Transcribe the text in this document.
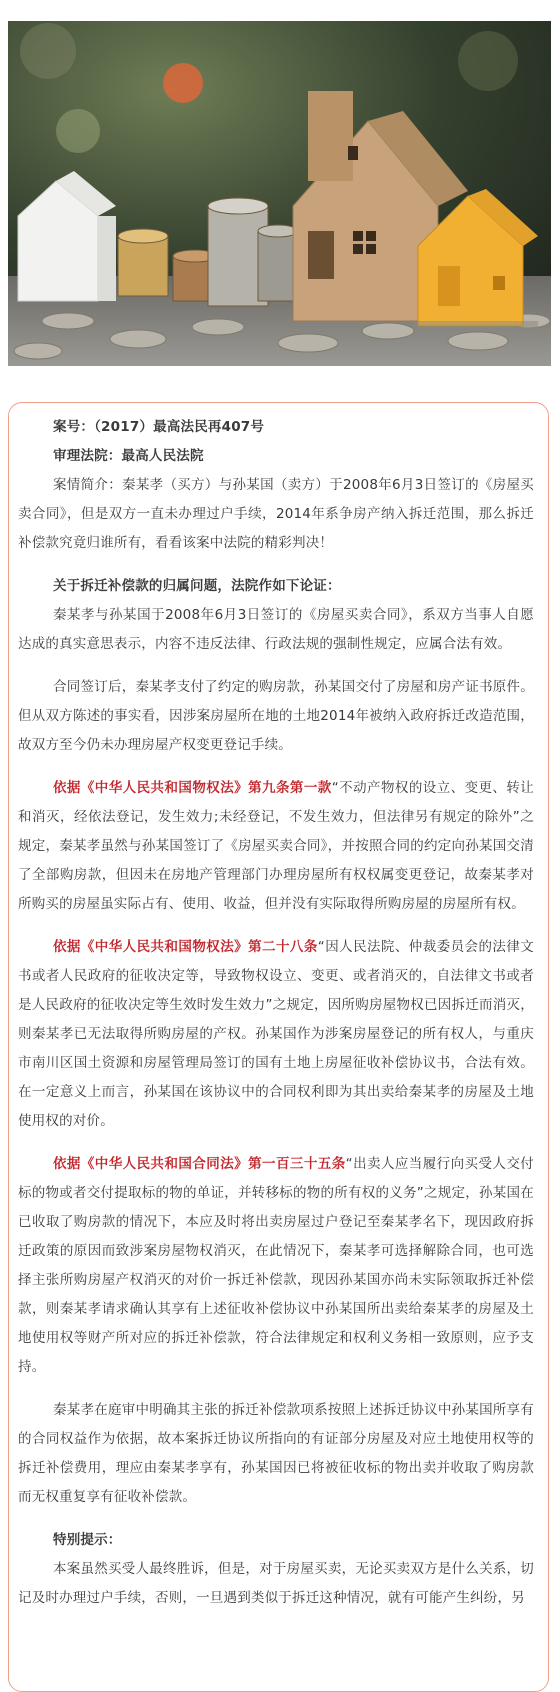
案号：（2017）最高法民再407号

审理法院：最高人民法院

案情简介：秦某孝（买方）与孙某国（卖方）于2008年6月3日签订的《房屋买卖合同》，但是双方一直未办理过户手续，2014年系争房产纳入拆迁范围，那么拆迁补偿款究竟归谁所有，看看该案中法院的精彩判决！

关于拆迁补偿款的归属问题，法院作如下论证：

秦某孝与孙某国于2008年6月3日签订的《房屋买卖合同》，系双方当事人自愿达成的真实意思表示，内容不违反法律、行政法规的强制性规定，应属合法有效。

合同签订后，秦某孝支付了约定的购房款，孙某国交付了房屋和房产证书原件。但从双方陈述的事实看，因涉案房屋所在地的土地2014年被纳入政府拆迁改造范围，故双方至今仍未办理房屋产权变更登记手续。

依据《中华人民共和国物权法》第九条第一款“不动产物权的设立、变更、转让和消灭，经依法登记，发生效力;未经登记，不发生效力，但法律另有规定的除外”之规定，秦某孝虽然与孙某国签订了《房屋买卖合同》，并按照合同的约定向孙某国交清了全部购房款，但因未在房地产管理部门办理房屋所有权权属变更登记，故秦某孝对所购买的房屋虽实际占有、使用、收益，但并没有实际取得所购房屋的房屋所有权。

依据《中华人民共和国物权法》第二十八条“因人民法院、仲裁委员会的法律文书或者人民政府的征收决定等，导致物权设立、变更、或者消灭的，自法律文书或者是人民政府的征收决定等生效时发生效力”之规定，因所购房屋物权已因拆迁而消灭，则秦某孝已无法取得所购房屋的产权。孙某国作为涉案房屋登记的所有权人，与重庆市南川区国土资源和房屋管理局签订的国有土地上房屋征收补偿协议书，合法有效。在一定意义上而言，孙某国在该协议中的合同权利即为其出卖给秦某孝的房屋及土地使用权的对价。

依据《中华人民共和国合同法》第一百三十五条“出卖人应当履行向买受人交付标的物或者交付提取标的物的单证，并转移标的物的所有权的义务”之规定，孙某国在已收取了购房款的情况下，本应及时将出卖房屋过户登记至秦某孝名下，现因政府拆迁政策的原因而致涉案房屋物权消灭，在此情况下，秦某孝可选择解除合同，也可选择主张所购房屋产权消灭的对价一拆迁补偿款，现因孙某国亦尚未实际领取拆迁补偿款，则秦某孝请求确认其享有上述征收补偿协议中孙某国所出卖给秦某孝的房屋及土地使用权等财产所对应的拆迁补偿款，符合法律规定和权利义务相一致原则，应予支持。

秦某孝在庭审中明确其主张的拆迁补偿款项系按照上述拆迁协议中孙某国所享有的合同权益作为依据，故本案拆迁协议所指向的有证部分房屋及对应土地使用权等的拆迁补偿费用，理应由秦某孝享有，孙某国因已将被征收标的物出卖并收取了购房款而无权重复享有征收补偿款。

特别提示：

本案虽然买受人最终胜诉，但是，对于房屋买卖，无论买卖双方是什么关系，切记及时办理过户手续，否则，一旦遇到类似于拆迁这种情况，就有可能产生纠纷，另
